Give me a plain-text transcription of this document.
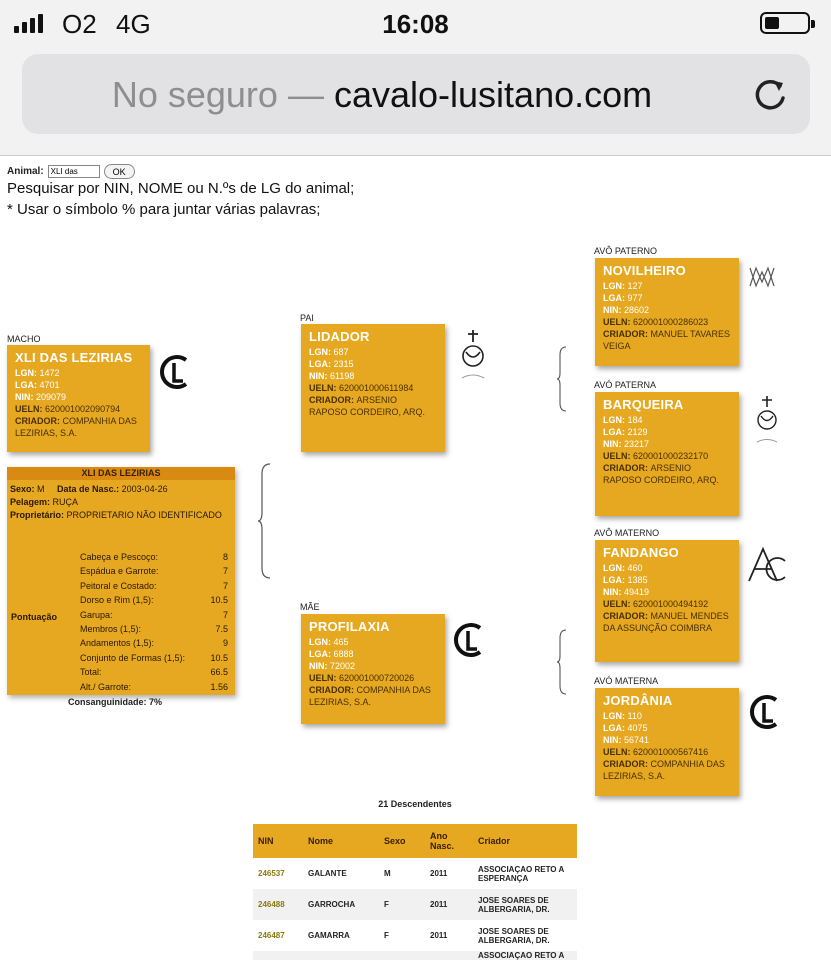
O2 4G	16:08
No seguro — cavalo-lusitano.com
Animal:
XLI das	OK
Pesquisar por NIN, NOME ou N.ºs de LG do animal;
* Usar o símbolo % para juntar várias palavras;
MACHO
XLI DAS LEZIRIAS
LGN: 1472
LGA: 4701
NIN: 209079
UELN: 620001002090794
CRIADOR: COMPANHIA DAS LEZIRIAS, S.A.
XLI DAS LEZIRIAS
Sexo: M Data de Nasc.: 2003-04-26
Pelagem: RUÇA
Proprietário: PROPRIETARIO NÃO IDENTIFICADO
Pontuação
Cabeça e Pescoço:	8
Espádua e Garrote:	7
Peitoral e Costado:	7
Dorso e Rim (1,5):	10.5
Garupa:	7
Membros (1,5):	7.5
Andamentos (1,5):	9
Conjunto de Formas (1,5):	10.5
Total:	66.5
Alt./ Garrote:	1.56
Consanguinidade: 7%
PAI
LIDADOR
LGN: 687
LGA: 2315
NIN: 61198
UELN: 620001000611984
CRIADOR: ARSENIO RAPOSO CORDEIRO, ARQ.
MÃE
PROFILAXIA
LGN: 465
LGA: 6888
NIN: 72002
UELN: 620001000720026
CRIADOR: COMPANHIA DAS LEZIRIAS, S.A.
AVÔ PATERNO
NOVILHEIRO
LGN: 127
LGA: 977
NIN: 28602
UELN: 620001000286023
CRIADOR: MANUEL TAVARES VEIGA
AVÓ PATERNA
BARQUEIRA
LGN: 184
LGA: 2129
NIN: 23217
UELN: 620001000232170
CRIADOR: ARSENIO RAPOSO CORDEIRO, ARQ.
AVÔ MATERNO
FANDANGO
LGN: 460
LGA: 1385
NIN: 49419
UELN: 620001000494192
CRIADOR: MANUEL MENDES DA ASSUNÇÃO COIMBRA
AVÓ MATERNA
JORDÂNIA
LGN: 110
LGA: 4075
NIN: 56741
UELN: 620001000567416
CRIADOR: COMPANHIA DAS LEZIRIAS, S.A.
21 Descendentes
NIN	Nome	Sexo	Ano Nasc.	Criador
246537	GALANTE	M	2011	ASSOCIAÇAO RETO A ESPERANÇA
246488	GARROCHA	F	2011	JOSE SOARES DE ALBERGARIA, DR.
246487	GAMARRA	F	2011	JOSE SOARES DE ALBERGARIA, DR.
				ASSOCIAÇAO RETO A
